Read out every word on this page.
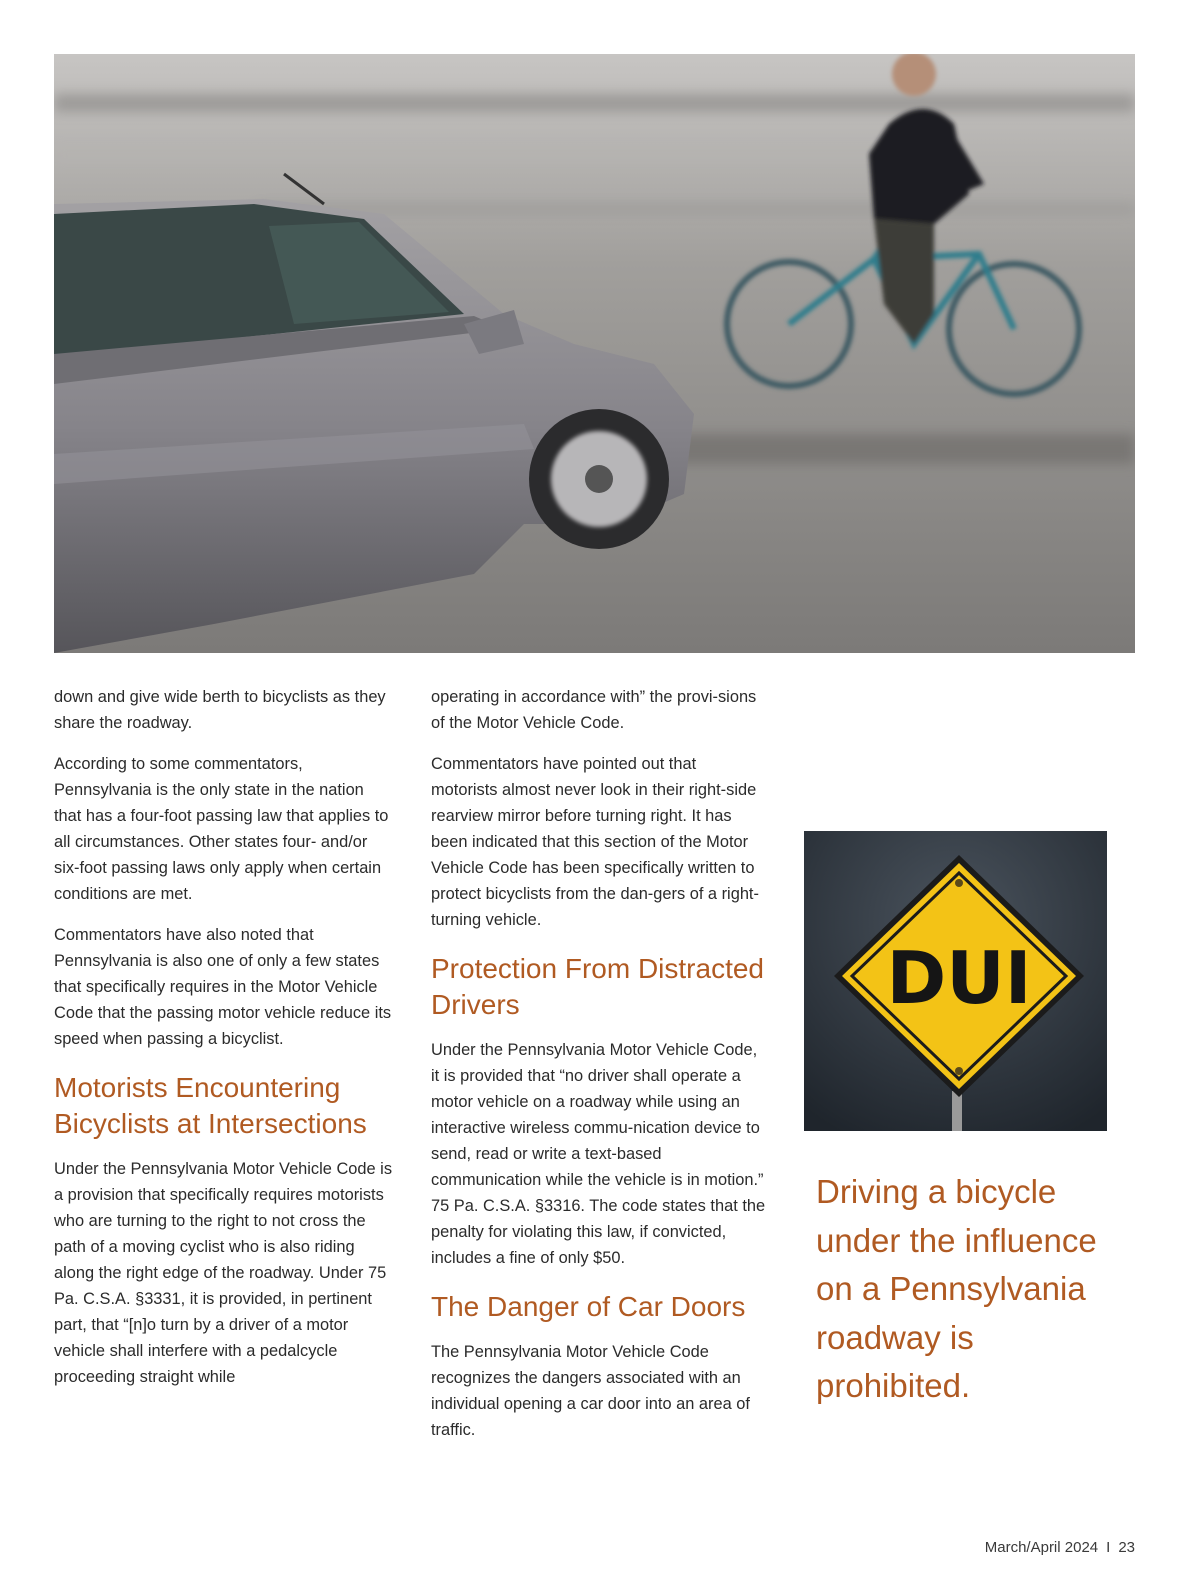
down and give wide berth to bicyclists as they share the roadway.

According to some commentators, Pennsylvania is the only state in the nation that has a four-foot passing law that applies to all circumstances. Other states four- and/or six-foot passing laws only apply when certain conditions are met.

Commentators have also noted that Pennsylvania is also one of only a few states that specifically requires in the Motor Vehicle Code that the passing motor vehicle reduce its speed when passing a bicyclist.

Motorists Encountering Bicyclists at Intersections

Under the Pennsylvania Motor Vehicle Code is a provision that specifically requires motorists who are turning to the right to not cross the path of a moving cyclist who is also riding along the right edge of the roadway. Under 75 Pa. C.S.A. §3331, it is provided, in pertinent part, that “[n]o turn by a driver of a motor vehicle shall interfere with a pedalcycle proceeding straight while

operating in accordance with” the provi-sions of the Motor Vehicle Code.

Commentators have pointed out that motorists almost never look in their right-side rearview mirror before turning right. It has been indicated that this section of the Motor Vehicle Code has been specifically written to protect bicyclists from the dan-gers of a right-turning vehicle.

Protection From Distracted Drivers

Under the Pennsylvania Motor Vehicle Code, it is provided that “no driver shall operate a motor vehicle on a roadway while using an interactive wireless commu-nication device to send, read or write a text-based communication while the vehicle is in motion.” 75 Pa. C.S.A. §3316. The code states that the penalty for violating this law, if convicted, includes a fine of only $50.

The Danger of Car Doors

The Pennsylvania Motor Vehicle Code recognizes the dangers associated with an individual opening a car door into an area of traffic.

DUI
Driving a bicycle under the influence on a Pennsylvania roadway is prohibited.
March/April 2024 I 23
